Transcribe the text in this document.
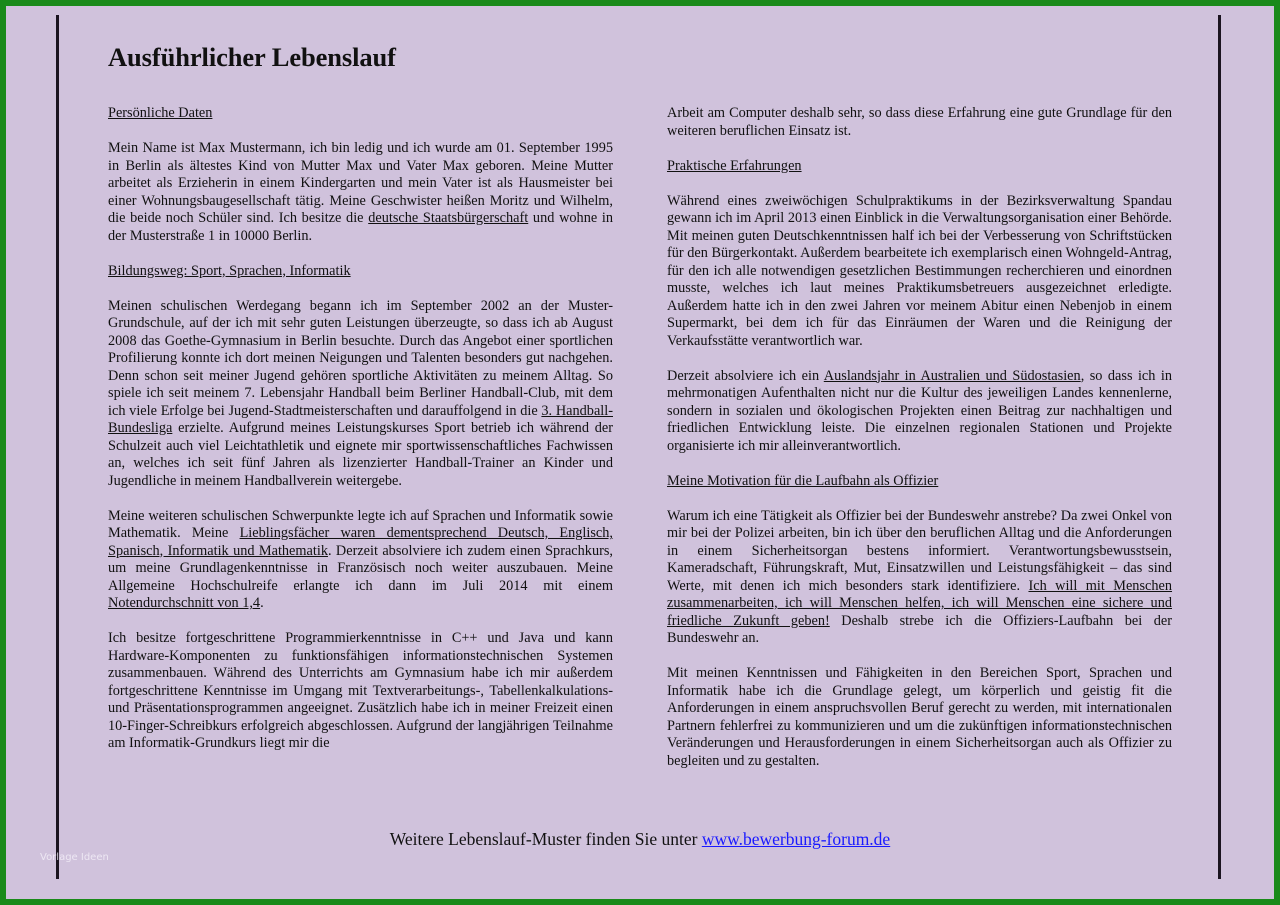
Ausführlicher Lebenslauf

Persönliche Daten

Mein Name ist Max Mustermann, ich bin ledig und ich wurde am 01. September 1995 in Berlin als ältestes Kind von Mutter Max und Vater Max geboren. Meine Mutter arbeitet als Erzieherin in einem Kindergarten und mein Vater ist als Hausmeister bei einer Wohnungsbaugesellschaft tätig. Meine Geschwister heißen Moritz und Wilhelm, die beide noch Schüler sind. Ich besitze die deutsche Staatsbürgerschaft und wohne in der Musterstraße 1 in 10000 Berlin.

Bildungsweg: Sport, Sprachen, Informatik

Meinen schulischen Werdegang begann ich im September 2002 an der Muster-Grundschule, auf der ich mit sehr guten Leistungen überzeugte, so dass ich ab August 2008 das Goethe-Gymnasium in Berlin besuchte. Durch das Angebot einer sportlichen Profilierung konnte ich dort meinen Neigungen und Talenten besonders gut nachgehen. Denn schon seit meiner Jugend gehören sportliche Aktivitäten zu meinem Alltag. So spiele ich seit meinem 7. Lebensjahr Handball beim Berliner Handball-Club, mit dem ich viele Erfolge bei Jugend-Stadtmeisterschaften und darauffolgend in die 3. Handball-Bundesliga erzielte. Aufgrund meines Leistungskurses Sport betrieb ich während der Schulzeit auch viel Leichtathletik und eignete mir sportwissenschaftliches Fachwissen an, welches ich seit fünf Jahren als lizenzierter Handball-Trainer an Kinder und Jugendliche in meinem Handballverein weitergebe.

Meine weiteren schulischen Schwerpunkte legte ich auf Sprachen und Informatik sowie Mathematik. Meine Lieblingsfächer waren dementsprechend Deutsch, Englisch, Spanisch, Informatik und Mathematik. Derzeit absolviere ich zudem einen Sprachkurs, um meine Grundlagenkenntnisse in Französisch noch weiter auszubauen. Meine Allgemeine Hochschulreife erlangte ich dann im Juli 2014 mit einem Notendurchschnitt von 1,4.

Ich besitze fortgeschrittene Programmierkenntnisse in C++ und Java und kann Hardware-Komponenten zu funktionsfähigen informationstechnischen Systemen zusammenbauen. Während des Unterrichts am Gymnasium habe ich mir außerdem fortgeschrittene Kenntnisse im Umgang mit Textverarbeitungs-, Tabellenkalkulations- und Präsentationsprogrammen angeeignet. Zusätzlich habe ich in meiner Freizeit einen 10-Finger-Schreibkurs erfolgreich abgeschlossen. Aufgrund der langjährigen Teilnahme am Informatik-Grundkurs liegt mir die

Arbeit am Computer deshalb sehr, so dass diese Erfahrung eine gute Grundlage für den weiteren beruflichen Einsatz ist.

Praktische Erfahrungen

Während eines zweiwöchigen Schulpraktikums in der Bezirksverwaltung Spandau gewann ich im April 2013 einen Einblick in die Verwaltungsorganisation einer Behörde. Mit meinen guten Deutschkenntnissen half ich bei der Verbesserung von Schriftstücken für den Bürgerkontakt. Außerdem bearbeitete ich exemplarisch einen Wohngeld-Antrag, für den ich alle notwendigen gesetzlichen Bestimmungen recherchieren und einordnen musste, welches ich laut meines Praktikumsbetreuers ausgezeichnet erledigte. Außerdem hatte ich in den zwei Jahren vor meinem Abitur einen Nebenjob in einem Supermarkt, bei dem ich für das Einräumen der Waren und die Reinigung der Verkaufsstätte verantwortlich war.

Derzeit absolviere ich ein Auslandsjahr in Australien und Südostasien, so dass ich in mehrmonatigen Aufenthalten nicht nur die Kultur des jeweiligen Landes kennenlerne, sondern in sozialen und ökologischen Projekten einen Beitrag zur nachhaltigen und friedlichen Entwicklung leiste. Die einzelnen regionalen Stationen und Projekte organisierte ich mir alleinverantwortlich.

Meine Motivation für die Laufbahn als Offizier

Warum ich eine Tätigkeit als Offizier bei der Bundeswehr anstrebe? Da zwei Onkel von mir bei der Polizei arbeiten, bin ich über den beruflichen Alltag und die Anforderungen in einem Sicherheitsorgan bestens informiert. Verantwortungsbewusstsein, Kameradschaft, Führungskraft, Mut, Einsatzwillen und Leistungsfähigkeit – das sind Werte, mit denen ich mich besonders stark identifiziere. Ich will mit Menschen zusammenarbeiten, ich will Menschen helfen, ich will Menschen eine sichere und friedliche Zukunft geben! Deshalb strebe ich die Offiziers-Laufbahn bei der Bundeswehr an.

Mit meinen Kenntnissen und Fähigkeiten in den Bereichen Sport, Sprachen und Informatik habe ich die Grundlage gelegt, um körperlich und geistig fit die Anforderungen in einem anspruchsvollen Beruf gerecht zu werden, mit internationalen Partnern fehlerfrei zu kommunizieren und um die zukünftigen informationstechnischen Veränderungen und Herausforderungen in einem Sicherheitsorgan auch als Offizier zu begleiten und zu gestalten.

Weitere Lebenslauf-Muster finden Sie unter www.bewerbung-forum.de
Vorlage Ideen
